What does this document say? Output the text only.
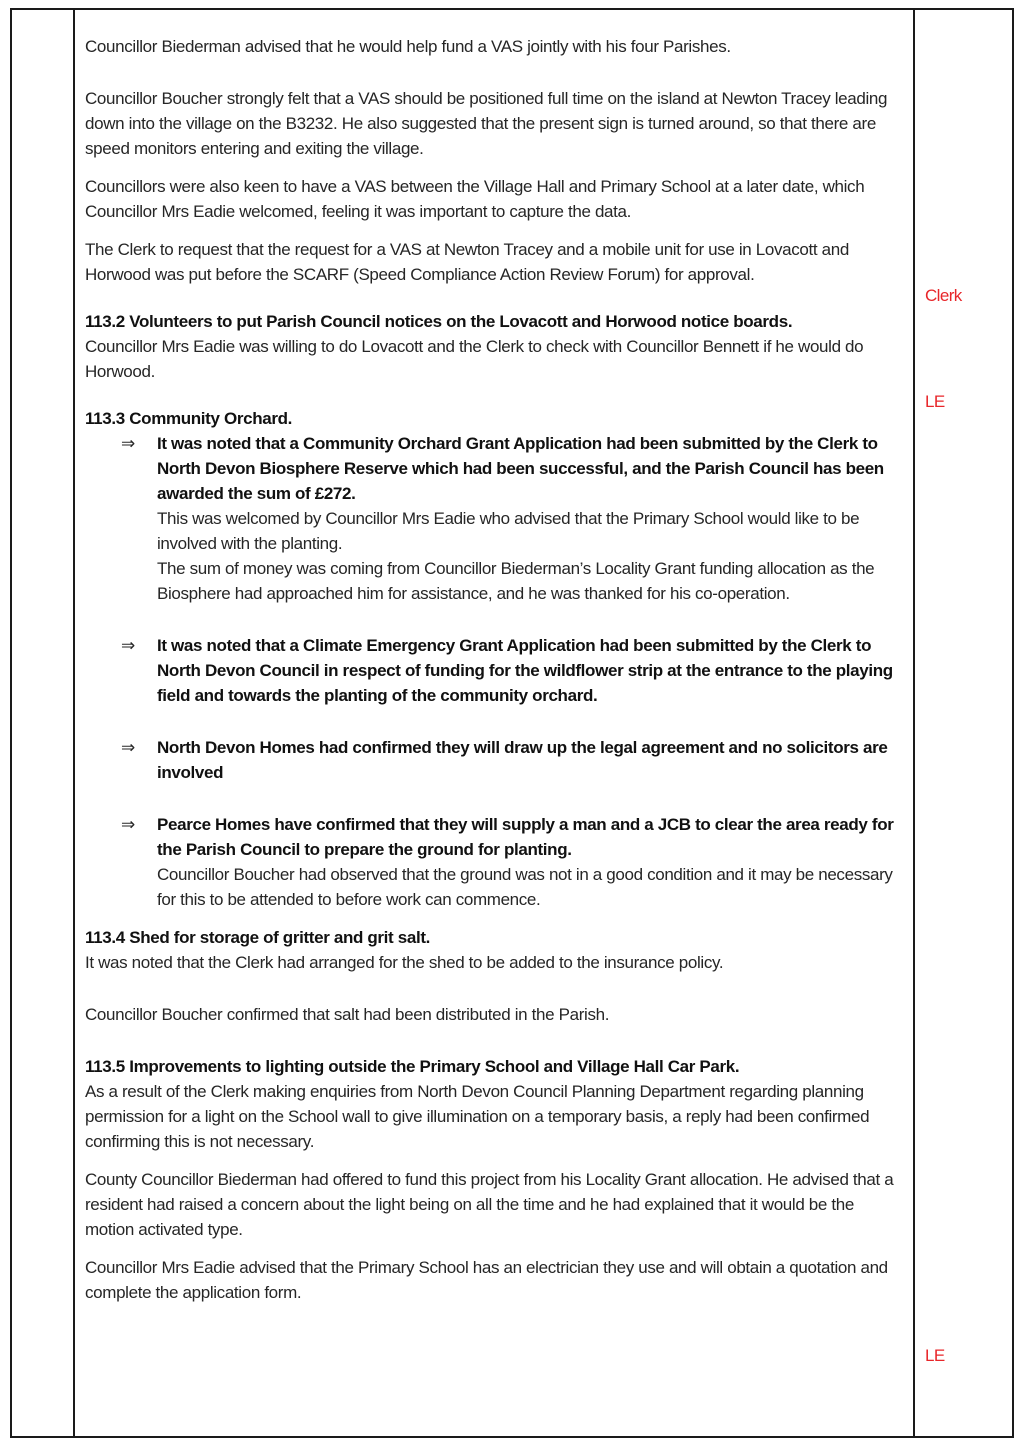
Councillor Biederman advised that he would help fund a VAS jointly with his four Parishes.

Councillor Boucher strongly felt that a VAS should be positioned full time on the island at Newton Tracey leading down into the village on the B3232. He also suggested that the present sign is turned around, so that there are speed monitors entering and exiting the village.

Councillors were also keen to have a VAS between the Village Hall and Primary School at a later date, which Councillor Mrs Eadie welcomed, feeling it was important to capture the data.

The Clerk to request that the request for a VAS at Newton Tracey and a mobile unit for use in Lovacott and Horwood was put before the SCARF (Speed Compliance Action Review Forum) for approval.

113.2 Volunteers to put Parish Council notices on the Lovacott and Horwood notice boards.

Councillor Mrs Eadie was willing to do Lovacott and the Clerk to check with Councillor Bennett if he would do Horwood.

113.3 Community Orchard.

⇒ It was noted that a Community Orchard Grant Application had been submitted by the Clerk to North Devon Biosphere Reserve which had been successful, and the Parish Council has been awarded the sum of £272.

This was welcomed by Councillor Mrs Eadie who advised that the Primary School would like to be involved with the planting.

The sum of money was coming from Councillor Biederman’s Locality Grant funding allocation as the Biosphere had approached him for assistance, and he was thanked for his co-operation.

⇒ It was noted that a Climate Emergency Grant Application had been submitted by the Clerk to North Devon Council in respect of funding for the wildflower strip at the entrance to the playing field and towards the planting of the community orchard.

⇒ North Devon Homes had confirmed they will draw up the legal agreement and no solicitors are involved

⇒ Pearce Homes have confirmed that they will supply a man and a JCB to clear the area ready for the Parish Council to prepare the ground for planting.

Councillor Boucher had observed that the ground was not in a good condition and it may be necessary for this to be attended to before work can commence.

113.4 Shed for storage of gritter and grit salt.

It was noted that the Clerk had arranged for the shed to be added to the insurance policy.

Councillor Boucher confirmed that salt had been distributed in the Parish.

113.5 Improvements to lighting outside the Primary School and Village Hall Car Park.

As a result of the Clerk making enquiries from North Devon Council Planning Department regarding planning permission for a light on the School wall to give illumination on a temporary basis, a reply had been confirmed confirming this is not necessary.

County Councillor Biederman had offered to fund this project from his Locality Grant allocation. He advised that a resident had raised a concern about the light being on all the time and he had explained that it would be the motion activated type.

Councillor Mrs Eadie advised that the Primary School has an electrician they use and will obtain a quotation and complete the application form.

Clerk
LE
LE
